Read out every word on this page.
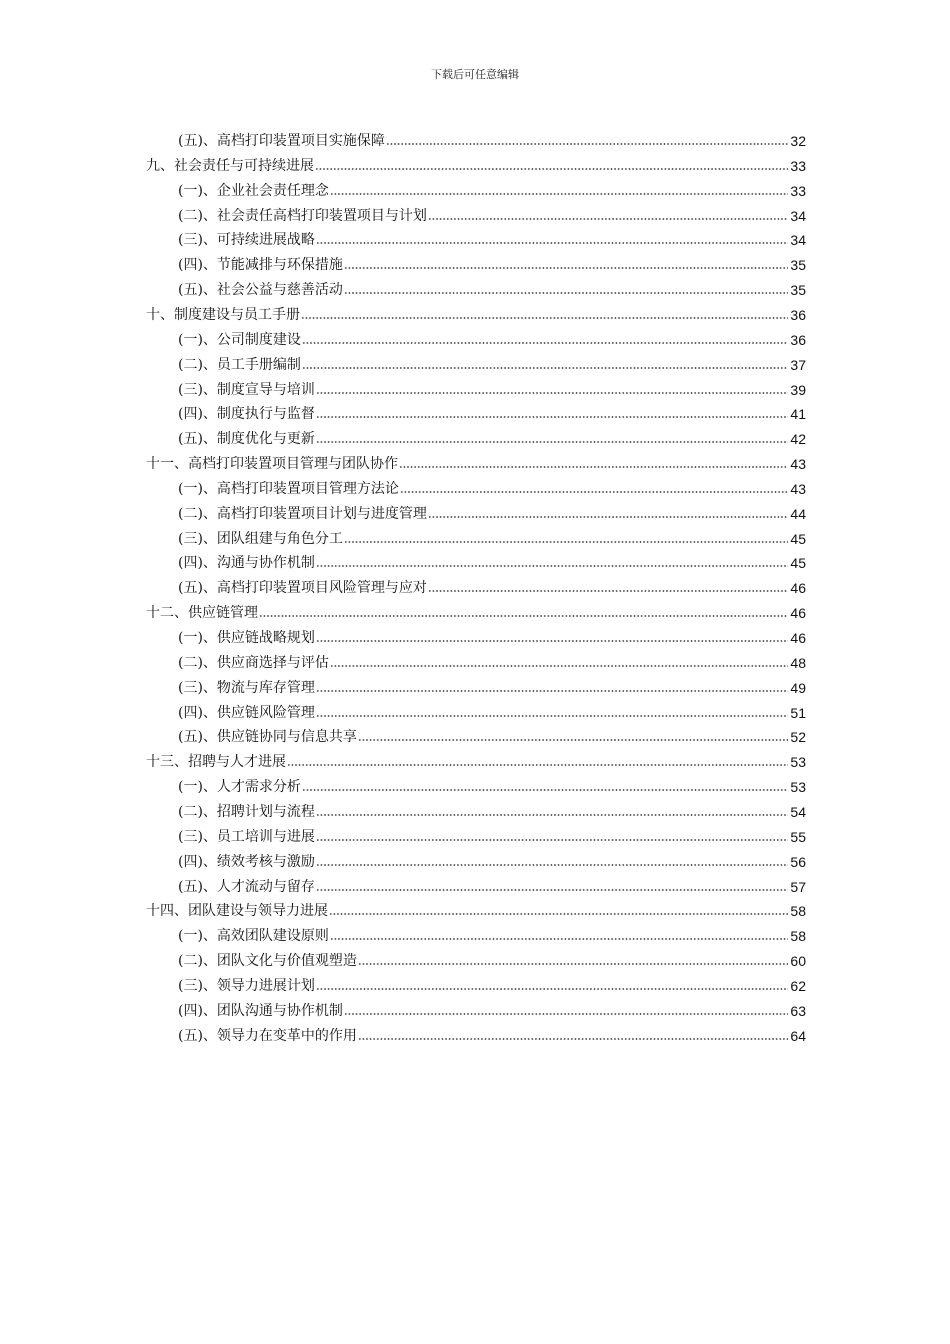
下载后可任意编辑
(五)、高档打印装置项目实施保障	32
九、社会责任与可持续进展	33
(一)、企业社会责任理念	33
(二)、社会责任高档打印装置项目与计划	34
(三)、可持续进展战略	34
(四)、节能减排与环保措施	35
(五)、社会公益与慈善活动	35
十、制度建设与员工手册	36
(一)、公司制度建设	36
(二)、员工手册编制	37
(三)、制度宣导与培训	39
(四)、制度执行与监督	41
(五)、制度优化与更新	42
十一、高档打印装置项目管理与团队协作	43
(一)、高档打印装置项目管理方法论	43
(二)、高档打印装置项目计划与进度管理	44
(三)、团队组建与角色分工	45
(四)、沟通与协作机制	45
(五)、高档打印装置项目风险管理与应对	46
十二、供应链管理	46
(一)、供应链战略规划	46
(二)、供应商选择与评估	48
(三)、物流与库存管理	49
(四)、供应链风险管理	51
(五)、供应链协同与信息共享	52
十三、招聘与人才进展	53
(一)、人才需求分析	53
(二)、招聘计划与流程	54
(三)、员工培训与进展	55
(四)、绩效考核与激励	56
(五)、人才流动与留存	57
十四、团队建设与领导力进展	58
(一)、高效团队建设原则	58
(二)、团队文化与价值观塑造	60
(三)、领导力进展计划	62
(四)、团队沟通与协作机制	63
(五)、领导力在变革中的作用	64
